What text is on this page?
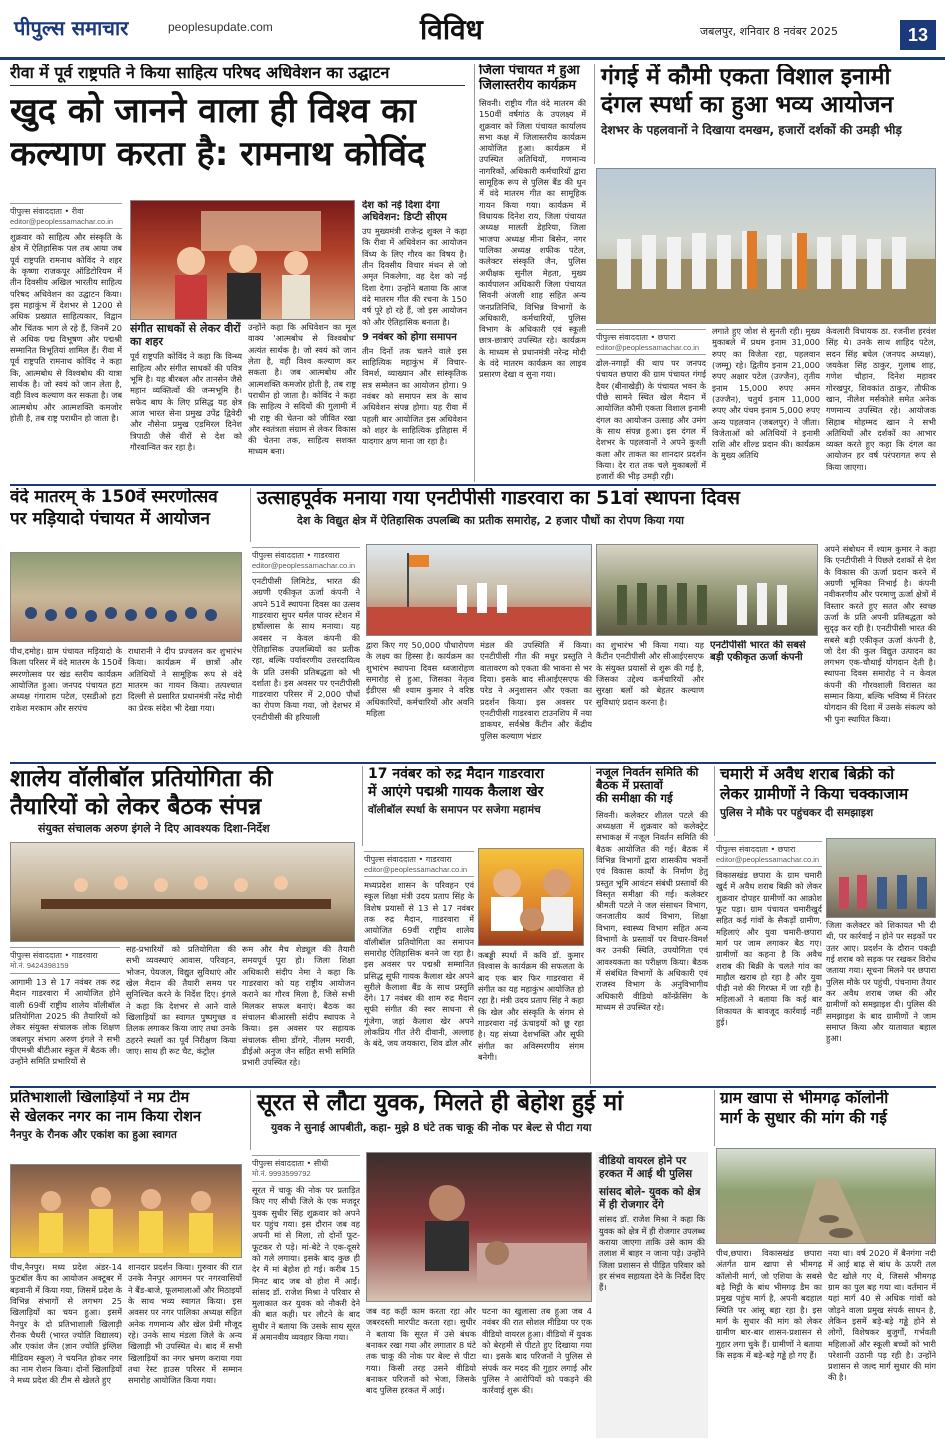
पीपुल्स समाचार	peoplesupdate.com	विविध	जबलपुर, शनिवार 8 नवंबर 2025	13
रीवा में पूर्व राष्ट्रपति ने किया साहित्य परिषद अधिवेशन का उद्घाटन
खुद को जानने वाला ही विश्व का
कल्याण करता है: रामनाथ कोविंद
पीपुल्स संवाददाता • रीवा
editor@peoplessamachar.co.in
शुक्रवार को साहित्य और संस्कृति के क्षेत्र में ऐतिहासिक पल तब आया जब पूर्व राष्ट्रपति रामनाथ कोविंद ने शहर के कृष्णा राजकपूर ऑडिटोरियम में तीन दिवसीय अखिल भारतीय साहित्य परिषद अधिवेशन का उद्घाटन किया। इस महाकुंभ में देशभर से 1200 से अधिक प्रख्यात साहित्यकार, विद्वान और चिंतक भाग ले रहे हैं, जिनमें 20 से अधिक पद्म विभूषण और पद्मश्री सम्मानित विभूतियां शामिल हैं। रीवा में पूर्व राष्ट्रपति रामनाथ कोविंद ने कहा कि, आत्मबोध से विश्वबोध की यात्रा सार्थक है। जो स्वयं को जान लेता है, वही विश्व कल्याण कर सकता है। जब आत्मबोध और आत्मशक्ति कमजोर होती है, तब राष्ट्र पराधीन हो जाता है।
संगीत साधकों से लेकर वीरों का शहर
पूर्व राष्ट्रपति कोविंद ने कहा कि विन्ध्य साहित्य और संगीत साधकों की पवित्र भूमि है। यह बीरबल और तानसेन जैसे महान व्यक्तित्वों की जन्मभूमि है। सफेद बाघ के लिए प्रसिद्ध यह क्षेत्र आज भारत सेना प्रमुख उपेंद्र द्विवेदी और नौसेना प्रमुख एडमिरल दिनेश त्रिपाठी जैसे वीरों से देश को गौरवान्वित कर रहा है।
उन्होंने कहा कि अधिवेशन का मूल वाक्य 'आत्मबोध से विश्वबोध' अत्यंत सार्थक है। जो स्वयं को जान लेता है, वही विश्व कल्याण कर सकता है। जब आत्मबोध और आत्मशक्ति कमजोर होती है, तब राष्ट्र पराधीन हो जाता है। कोविंद ने कहा कि साहित्य ने सदियों की गुलामी में भी राष्ट्र की चेतना को जीवित रखा और स्वतंत्रता संग्राम से लेकर विकास की चेतना तक, साहित्य सशक्त माध्यम बना।
देश को नई दिशा देगा अधिवेशन: डिप्टी सीएम
उप मुख्यमंत्री राजेन्द्र शुक्ल ने कहा कि रीवा में अधिवेशन का आयोजन विंध्य के लिए गौरव का विषय है। तीन दिवसीय विचार मंथन से जो अमृत निकलेगा, वह देश को नई दिशा देगा। उन्होंने बताया कि आज वंदे मातरम गीत की रचना के 150 वर्ष पूरे हो रहे हैं, जो इस आयोजन को और ऐतिहासिक बनाता है।
9 नवंबर को होगा समापन
तीन दिनों तक चलने वाले इस साहित्यिक महाकुंभ में विचार-विमर्श, व्याख्यान और सांस्कृतिक सत्र सम्मेलन का आयोजन होगा। 9 नवंबर को समापन सत्र के साथ अधिवेशन संपन्न होगा। यह रीवा में पहली बार आयोजित इस अधिवेशन को शहर के साहित्यिक इतिहास में यादगार क्षण माना जा रहा है।
जिला पंचायत में हुआ जिलास्तरीय कार्यक्रम
सिवनी। राष्ट्रीय गीत वंदे मातरम की 150वीं वर्षगांठ के उपलक्ष्य में शुक्रवार को जिला पंचायत कार्यालय सभा कक्ष में जिलास्तरीय कार्यक्रम आयोजित हुआ। कार्यक्रम में उपस्थित अतिथियों, गणमान्य नागरिकों, अधिकारी कर्मचारियों द्वारा सामूहिक रूप से पुलिस बैंड की धुन में वंदे मातरम गीत का सामूहिक गायन किया गया। कार्यक्रम में विधायक दिनेश राय, जिला पंचायत अध्यक्ष मालती डेहरिया, जिला भाजपा अध्यक्ष मीना बिसेन, नगर पालिका अध्यक्ष शफीक पटेल, कलेक्टर संस्कृति जैन, पुलिस अधीक्षक सुनील मेहता, मुख्य कार्यपालन अधिकारी जिला पंचायत सिवनी अंजली शाह सहित अन्य जनप्रतिनिधि, विभिन्न विभागों के अधिकारी, कर्मचारियों, पुलिस विभाग के अधिकारी एवं स्कूली छात्र-छात्राएं उपस्थित रहे। कार्यक्रम के माध्यम से प्रधानमंत्री नरेन्द्र मोदी के वंदे मातरम कार्यक्रम का लाइव प्रसारण देखा व सुना गया।
गंगई में कौमी एकता विशाल इनामी
दंगल स्पर्धा का हुआ भव्य आयोजन
देशभर के पहलवानों ने दिखाया दमखम, हजारों दर्शकों की उमड़ी भीड़
पीपुल्स संवाददाता • छपारा
editor@peoplessamachar.co.in
ढोल-नगाड़ों की थाप पर जनपद पंचायत छपारा की ग्राम पंचायत गंगई दैयर (बीनाखेड़ी) के पंचायत भवन के पीछे सामने स्थित खेल मैदान में आयोजित कौमी एकता विशाल इनामी दंगल का आयोजन उत्साह और उमंग के साथ संपन्न हुआ। इस दंगल में देशभर के पहलवानों ने अपने कुश्ती कला और ताकत का शानदार प्रदर्शन किया। देर रात तक चले मुकाबलों में हजारों की भीड़ उमड़ी रही।
लगाते हुए जोश से सुनती रही। मुख्य मुकाबले में प्रथम इनाम 31,000 रुपए का विजेता रहा, पहलवान (जम्मू) रहे। द्वितीय इनाम 21,000 रुपए अक्षार पटेल (उज्जैन), तृतीय इनाम 15,000 रुपए अमन (उज्जैन), चतुर्थ इनाम 11,000 रुपए और पंचम इनाम 5,000 रुपए अन्य पहलवान (जबलपुर) ने जीता। विजेताओं को अतिथियों ने इनामी राशि और शील्ड प्रदान की। कार्यक्रम के मुख्य अतिथि
केवलारी विधायक ठा. रजनीश हरवंश सिंह थे। उनके साथ शाहिद पटेल, सदन सिंह बघेल (जनपद अध्यक्ष), जयकेश सिंह ठाकुर, गुलाब शाह, गणेश चौहान, दिनेश महावर गोरखपुर, शिवकांत ठाकुर, तौफीक खान, नीलेश मर्सकोले समेत अनेक गणमान्य उपस्थित रहे। आयोजक सिहाब मोहम्मद खान ने सभी अतिथियों और दर्शकों का आभार व्यक्त करते हुए कहा कि दंगल का आयोजन हर वर्ष परंपरागत रूप से किया जाएगा।
वंदे मातरम् के 150वें स्मरणोत्सव
पर मड़ियादो पंचायत में आयोजन
पीथ,दमोह। ग्राम पंचायत मड़ियादो के किला परिसर में वंदे मातरम के 150वें स्मरणोत्सव पर खंड स्तरीय कार्यक्रम आयोजित हुआ। जनपद पंचायत हटा अध्यक्ष गंगाराम पटेल, एसडीओ हटा राकेश मरकाम और सरपंच
राधारानी ने दीप प्रज्वलन कर शुभारंभ किया। कार्यक्रम में छात्रों और अतिथियों ने सामूहिक रूप से वंदे मातरम का गायन किया। तत्पश्चात दिल्ली से प्रसारित प्रधानमंत्री नरेंद्र मोदी का प्रेरक संदेश भी देखा गया।
उत्साहपूर्वक मनाया गया एनटीपीसी गाडरवारा का 51वां स्थापना दिवस
देश के विद्युत क्षेत्र में ऐतिहासिक उपलब्धि का प्रतीक समारोह, 2 हजार पौधों का रोपण किया गया
पीपुल्स संवाददाता • गाडरवारा
editor@peoplessamachar.co.in
एनटीपीसी लिमिटेड, भारत की अग्रणी एकीकृत ऊर्जा कंपनी ने अपने 51वें स्थापना दिवस का उत्सव गाडरवारा सुपर थर्मल पावर स्टेशन में हर्षोल्लास के साथ मनाया। यह अवसर न केवल कंपनी की ऐतिहासिक उपलब्धियों का प्रतीक रहा, बल्कि पर्यावरणीय उत्तरदायित्व के प्रति उसकी प्रतिबद्धता को भी दर्शाता है। इस अवसर पर एनटीपीसी गाडरवारा परिसर में 2,000 पौधों का रोपण किया गया, जो देशभर में एनटीपीसी की हरियाली
द्वारा किए गए 50,000 पौधारोपण के लक्ष्य का हिस्सा है। कार्यक्रम का शुभारंभ स्थापना दिवस ध्वजारोहण समारोह से हुआ, जिसका नेतृत्व ईडीएस श्री श्याम कुमार ने वरिष्ठ अधिकारियों, कर्मचारियों और अवनि महिला
मंडल की उपस्थिति में किया। एनटीपीसी गीत की मधुर प्रस्तुति ने वातावरण को एकता की भावना से भर दिया। इसके बाद सीआईएसएफ की परेड ने अनुशासन और एकता का प्रदर्शन किया। इस अवसर पर एनटीपीसी गाडरवारा टाउनशिप में नया डाकघर, सर्वश्रेष्ठ कैंटीन और केंद्रीय पुलिस कल्याण भंडार
का शुभारंभ भी किया गया। यह कैंटीन एनटीपीसी और सीआईएसएफ के संयुक्त प्रयासों से शुरू की गई है, जिसका उद्देश्य कर्मचारियों और सुरक्षा बलों को बेहतर कल्याण सुविधाएं प्रदान करना है।
एनटीपीसी भारत की सबसे बड़ी एकीकृत ऊर्जा कंपनी
अपने संबोधन में श्याम कुमार ने कहा कि एनटीपीसी ने पिछले दशकों से देश के विकास की ऊर्जा प्रदान करने में अग्रणी भूमिका निभाई है। कंपनी नवीकरणीय और परमाणु ऊर्जा क्षेत्रों में विस्तार करते हुए सतत और स्वच्छ ऊर्जा के प्रति अपनी प्रतिबद्धता को सुदृढ़ कर रही है। एनटीपीसी भारत की सबसे बड़ी एकीकृत ऊर्जा कंपनी है, जो देश की कुल विद्युत उत्पादन का लगभग एक-चौथाई योगदान देती है। स्थापना दिवस समारोह ने न केवल कंपनी की गौरवशाली विरासत का सम्मान किया, बल्कि भविष्य में निरंतर योगदान की दिशा में उसके संकल्प को भी पुनः स्थापित किया।
शालेय वॉलीबॉल प्रतियोगिता की
तैयारियों को लेकर बैठक संपन्न
संयुक्त संचालक अरुण इंगले ने दिए आवश्यक दिशा-निर्देश
पीपुल्स संवाददाता • गाडरवारा
मो.नं. 9424398159
आगामी 13 से 17 नवंबर तक रुद्र मैदान गाडरवारा में आयोजित होने वाली 69वीं राष्ट्रीय शालेय वॉलीबॉल प्रतियोगिता 2025 की तैयारियों को लेकर संयुक्त संचालक लोक शिक्षण जबलपुर संभाग अरुण इंगले ने सभी पीएमश्री बीटीआर स्कूल में बैठक ली। उन्होंने समिति प्रभारियों से
सह-प्रभारियों को प्रतियोगिता की सभी व्यवस्थाएं आवास, परिवहन, भोजन, पेयजल, विद्युत सुविधाएं और खेल मैदान की तैयारी समय पर सुनिश्चित करने के निर्देश दिए। इंगले ने कहा कि देशभर से आने वाले खिलाड़ियों का स्वागत पुष्पगुच्छ व तिलक लगाकर किया जाए तथा उनके ठहरने स्थलों का पूर्व निरीक्षण किया जाए। साथ ही रूट चैट, कंट्रोल
रूम और मैच शेड्यूल की तैयारी समयपूर्व पूरा हो। जिला शिक्षा अधिकारी संदीप नेमा ने कहा कि गाडरवारा को यह राष्ट्रीय आयोजन कराने का गौरव मिला है, जिसे सभी मिलकर सफल बनाएं। बैठक का संचालन बीआरसी संदीप स्थापक ने किया। इस अवसर पर सहायक संचालक सीमा डोंगरे, नीलम मरावी, डीईओ अनुज जैन सहित सभी समिति प्रभारी उपस्थित रहे।
17 नवंबर को रुद्र मैदान गाडरवारा
में आएंगे पद्मश्री गायक कैलाश खेर
वॉलीबॉल स्पर्धा के समापन पर सजेगा महामंच
पीपुल्स संवाददाता • गाडरवारा
editor@peoplessamachar.co.in
मध्यप्रदेश शासन के परिवहन एवं स्कूल शिक्षा मंत्री उदय प्रताप सिंह के विशेष प्रयासों से 13 से 17 नवंबर तक रुद्र मैदान, गाडरवारा में आयोजित 69वीं राष्ट्रीय शालेय वॉलीबॉल प्रतियोगिता का समापन समारोह ऐतिहासिक बनने जा रहा है। इस अवसर पर पद्मश्री सम्मानित प्रसिद्ध सूफी गायक कैलाश खेर अपने सुरीले कैलाशा बैंड के साथ प्रस्तुति देंगे। 17 नवंबर की शाम रुद्र मैदान सूफी संगीत की स्वर साधना से गूंजेगा, जहां कैलाश खेर अपने लोकप्रिय गीत तेरी दीवानी, अल्लाह के बंदे, जय जयकारा, शिव ढोल और
कबड्डी स्पर्धा में कवि डॉ. कुमार विश्वास के कार्यक्रम की सफलता के बाद एक बार फिर गाडरवारा में संगीत का यह महाकुंभ आयोजित हो रहा है। मंत्री उदय प्रताप सिंह ने कहा कि खेल और संस्कृति के संगम से गाडरवारा नई ऊंचाइयों को छू रहा है। यह संध्या देशभक्ति और सूफी संगीत का अविस्मरणीय संगम बनेगी।
नजूल निवर्तन समिति की बैठक में प्रस्तावों
की समीक्षा की गई
सिवनी। कलेक्टर शीतल पटले की अध्यक्षता में शुक्रवार को कलेक्ट्रेट सभाकक्ष में नजूल निवर्तन समिति की बैठक आयोजित की गई। बैठक में विभिन्न विभागों द्वारा शासकीय भवनों एवं विकास कार्यों के निर्माण हेतु प्रस्तुत भूमि आवंटन संबंधी प्रस्तावों की विस्तृत समीक्षा की गई। कलेक्टर श्रीमती पटले ने जल संसाधन विभाग, जनजातीय कार्य विभाग, शिक्षा विभाग, स्वास्थ्य विभाग सहित अन्य विभागों के प्रस्तावों पर विचार-विमर्श कर उनकी स्थिति, उपयोगिता एवं आवश्यकता का परीक्षण किया। बैठक में संबंधित विभागों के अधिकारी एवं राजस्व विभाग के अनुविभागीय अधिकारी वीडियो कॉन्फ्रेंसिंग के माध्यम से उपस्थित रहे।
चमारी में अवैध शराब बिक्री को
लेकर ग्रामीणों ने किया चक्काजाम
पुलिस ने मौके पर पहुंचकर दी समझाइश
पीपुल्स संवाददाता • छपारा
editor@peoplessamachar.co.in
विकासखंड छपारा के ग्राम चमारी खुर्द में अवैध शराब बिक्री को लेकर शुक्रवार दोपहर ग्रामीणों का आक्रोश फूट पड़ा। ग्राम पंचायत चमारीखुर्द सहित कई गांवों के सैकड़ों ग्रामीण, महिलाएं और युवा चमारी-छपारा मार्ग पर जाम लगाकर बैठ गए। ग्रामीणों का कहना है कि अवैध शराब की बिक्री के चलते गांव का माहौल खराब हो रहा है और युवा पीढ़ी नशे की गिरफ्त में जा रही है। महिलाओं ने बताया कि कई बार शिकायत के बावजूद कार्रवाई नहीं हुई।
जिला कलेक्टर को शिकायत भी दी थी, पर कार्रवाई न होने पर सड़कों पर उतर आए। प्रदर्शन के दौरान पकड़ी गई शराब को सड़क पर रखकर विरोध जताया गया। सूचना मिलने पर छपारा पुलिस मौके पर पहुंची, पंचनामा तैयार कर अवैध शराब जब्त की और ग्रामीणों को समझाइश दी। पुलिस की समझाइश के बाद ग्रामीणों ने जाम समाप्त किया और यातायात बहाल हुआ।
प्रतिभाशाली खिलाड़ियों ने मप्र टीम
से खेलकर नगर का नाम किया रोशन
नैनपुर के रौनक और एकांश का हुआ स्वागत
पीथ,नैनपुर। मध्य प्रदेश अंडर-14 फुटबॉल कैंप का आयोजन अक्टूबर में बड़वानी में किया गया, जिसमें प्रदेश के विभिन्न संभागों से लगभग 25 खिलाड़ियों का चयन हुआ। इसमें नैनपुर के दो प्रतिभाशाली खिलाड़ी रौनक चैधरी (भारत ज्योति विद्यालय) और एकांश जैन (ज्ञान ज्योति इंग्लिश मीडियम स्कूल) ने चयनित होकर नगर का नाम रोशन किया। दोनों खिलाड़ियों ने मध्य प्रदेश की टीम से खेलते हुए
शानदार प्रदर्शन किया। गुरुवार की रात उनके नैनपुर आगमन पर नगरवासियों ने बैंड-बाजे, फूलमालाओं और मिठाइयों के साथ भव्य स्वागत किया। इस अवसर पर नगर पालिका अध्यक्ष सहित अनेक गणमान्य और खेल प्रेमी मौजूद रहे। उनके साथ मंडला जिले के अन्य खिलाड़ी भी उपस्थित थे। बाद में सभी खिलाड़ियों का नगर भ्रमण कराया गया तथा रेस्ट हाउस परिसर में सम्मान समारोह आयोजित किया गया।
सूरत से लौटा युवक, मिलते ही बेहोश हुई मां
युवक ने सुनाई आपबीती, कहा- मुझे 8 घंटे तक चाकू की नोक पर बेल्ट से पीटा गया
पीपुल्स संवाददाता • सीधी
मो.नं. 9993599792
सूरत में चाकू की नोक पर प्रताड़ित किए गए सीधी जिले के एक मजदूर युवक सुधीर सिंह शुक्रवार को अपने घर पहुंच गया। इस दौरान जब वह अपनी मां से मिला, तो दोनों फूट-फूटकर रो पड़े। मां-बेटे ने एक-दूसरे को गले लगाया। इसके बाद कुछ ही देर में मां बेहोश हो गई। करीब 15 मिनट बाद जब वो होश में आईं। सांसद डॉ. राजेश मिश्रा ने परिवार से मुलाकात कर युवक को नौकरी देने की बात कही। घर लौटने के बाद सुधीर ने बताया कि उसके साथ सूरत में अमानवीय व्यवहार किया गया।
जब वह कहीं काम करता रहा और जबरदस्ती मारपीट करता रहा। सुधीर ने बताया कि सूरत में उसे बंधक बनाकर रखा गया और लगातार 8 घंटे तक चाकू की नोक पर बेल्ट से पीटा गया। किसी तरह उसने वीडियो बनाकर परिजनों को भेजा, जिसके बाद पुलिस हरकत में आई।
घटना का खुलासा तब हुआ जब 4 नवंबर की रात सोशल मीडिया पर एक वीडियो वायरल हुआ। वीडियो में युवक को बेरहमी से पीटते हुए दिखाया गया था। इसके बाद परिजनों ने पुलिस से संपर्क कर मदद की गुहार लगाई और पुलिस ने आरोपियों को पकड़ने की कार्रवाई शुरू की।
वीडियो वायरल होने पर हरकत में आई थी पुलिस
सांसद बोले- युवक को क्षेत्र में ही रोजगार देंगे
सांसद डॉ. राजेश मिश्रा ने कहा कि युवक को क्षेत्र में ही रोजगार उपलब्ध कराया जाएगा ताकि उसे काम की तलाश में बाहर न जाना पड़े। उन्होंने जिला प्रशासन से पीड़ित परिवार को हर संभव सहायता देने के निर्देश दिए हैं।
ग्राम खापा से भीमगढ़ कॉलोनी
मार्ग के सुधार की मांग की गई
पीथ,छपारा। विकासखंड छपारा अंतर्गत ग्राम खापा से भीमगढ़ कॉलोनी मार्ग, जो एशिया के सबसे बड़े मिट्टी के बांध भीमगढ़ डैम का प्रमुख पहुंच मार्ग है, अपनी बदहाल स्थिति पर आंसू बहा रहा है। इस मार्ग के सुधार की मांग को लेकर ग्रामीण बार-बार शासन-प्रशासन से गुहार लगा चुके हैं। ग्रामीणों ने बताया कि सड़क में बड़े-बड़े गड्ढे हो गए हैं।
नया था। वर्ष 2020 में बैनगंगा नदी में आई बाढ़ से बांध के ऊपरी तल चैट खोले गए थे, जिससे भीमगढ़ ग्राम का पुल बह गया था। वर्तमान में यहां मार्ग 40 से अधिक गांवों को जोड़ने वाला प्रमुख संपर्क साधन है, लेकिन इसमें बड़े-बड़े गड्ढे होने से लोगों, विशेषकर बुजुर्गों, गर्भवती महिलाओं और स्कूली बच्चों को भारी परेशानी उठानी पड़ रही है। उन्होंने प्रशासन से जल्द मार्ग सुधार की मांग की है।
